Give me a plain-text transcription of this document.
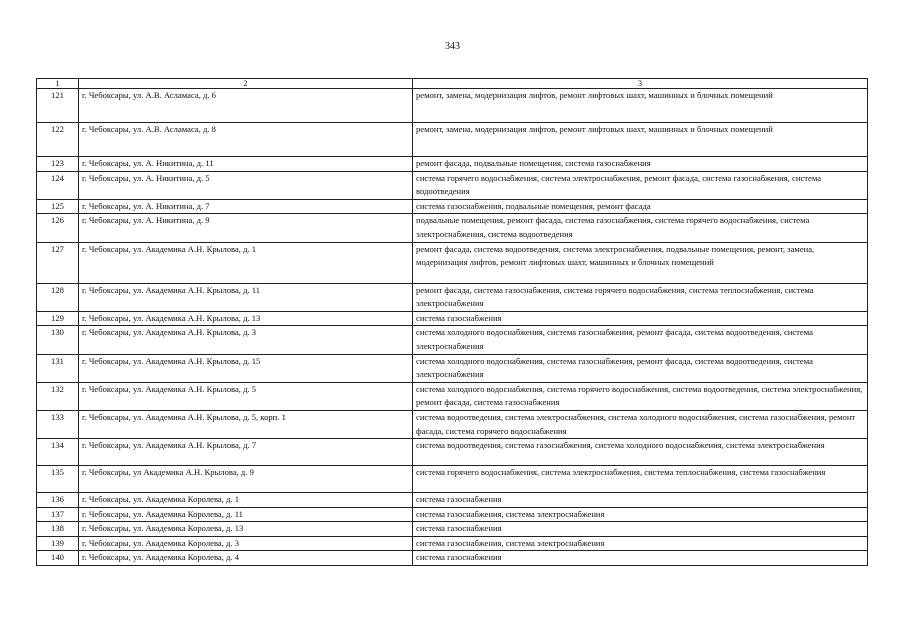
343
1	2	3
121	г. Чебоксары, ул. А.В. Асламаса, д. 6	ремонт, замена, модернизация лифтов, ремонт лифтовых шахт, машинных и блочных помещений
122	г. Чебоксары, ул. А.В. Асламаса, д. 8	ремонт, замена, модернизация лифтов, ремонт лифтовых шахт, машинных и блочных помещений
123	г. Чебоксары, ул. А. Никитина, д. 11	ремонт фасада, подвальные помещения, система газоснабжения
124	г. Чебоксары, ул. А. Никитина, д. 5	система горячего водоснабжения, система электроснабжения, ремонт фасада, система газоснабжения, система водоотведения
125	г. Чебоксары, ул. А. Никитина, д. 7	система газоснабжения, подвальные помещения, ремонт фасада
126	г. Чебоксары, ул. А. Никитина, д. 9	подвальные помещения, ремонт фасада, система газоснабжения, система горячего водоснабжения, система электроснабжения, система водоотведения
127	г. Чебоксары, ул. Академика А.Н. Крылова, д. 1	ремонт фасада, система водоотведения, система электроснабжения, подвальные помещения, ремонт, замена, модернизация лифтов, ремонт лифтовых шахт, машинных и блочных помещений
128	г. Чебоксары, ул. Академика А.Н. Крылова, д. 11	ремонт фасада, система газоснабжения, система горячего водоснабжения, система теплоснабжения, система электроснабжения
129	г. Чебоксары, ул. Академика А.Н. Крылова, д. 13	система газоснабжения
130	г. Чебоксары, ул. Академика А.Н. Крылова, д. 3	система холодного водоснабжения, система газоснабжения, ремонт фасада, система водоотведения, система электроснабжения
131	г. Чебоксары, ул. Академика А.Н. Крылова, д. 15	система холодного водоснабжения, система газоснабжения, ремонт фасада, система водоотведения, система электроснабжения
132	г. Чебоксары, ул. Академика А.Н. Крылова, д. 5	система холодного водоснабжения, система горячего водоснабжения, система водоотведения, система электроснабжения, ремонт фасада, система газоснабжения
133	г. Чебоксары, ул. Академика А.Н. Крылова, д. 5, корп. 1	система водоотведения, система электроснабжения, система холодного водоснабжения, система газоснабжения, ремонт фасада, система горячего водоснабжения
134	г. Чебоксары, ул. Академика А.Н. Крылова, д. 7	система водоотведения, система газоснабжения, система холодного водоснабжения, система электроснабжения
135	г. Чебоксары, ул Академика А.Н. Крылова, д. 9	система горячего водоснабжения, система электроснабжения, система теплоснабжения, система газоснабжения
136	г. Чебоксары, ул. Академика Королева, д. 1	система газоснабжения
137	г. Чебоксары, ул. Академика Королева, д. 11	система газоснабжения, система электроснабжения
138	г. Чебоксары, ул. Академика Королева, д. 13	система газоснабжения
139	г. Чебоксары, ул. Академика Королева, д. 3	система газоснабжения, система электроснабжения
140	г. Чебоксары, ул. Академика Королева, д. 4	система газоснабжения
